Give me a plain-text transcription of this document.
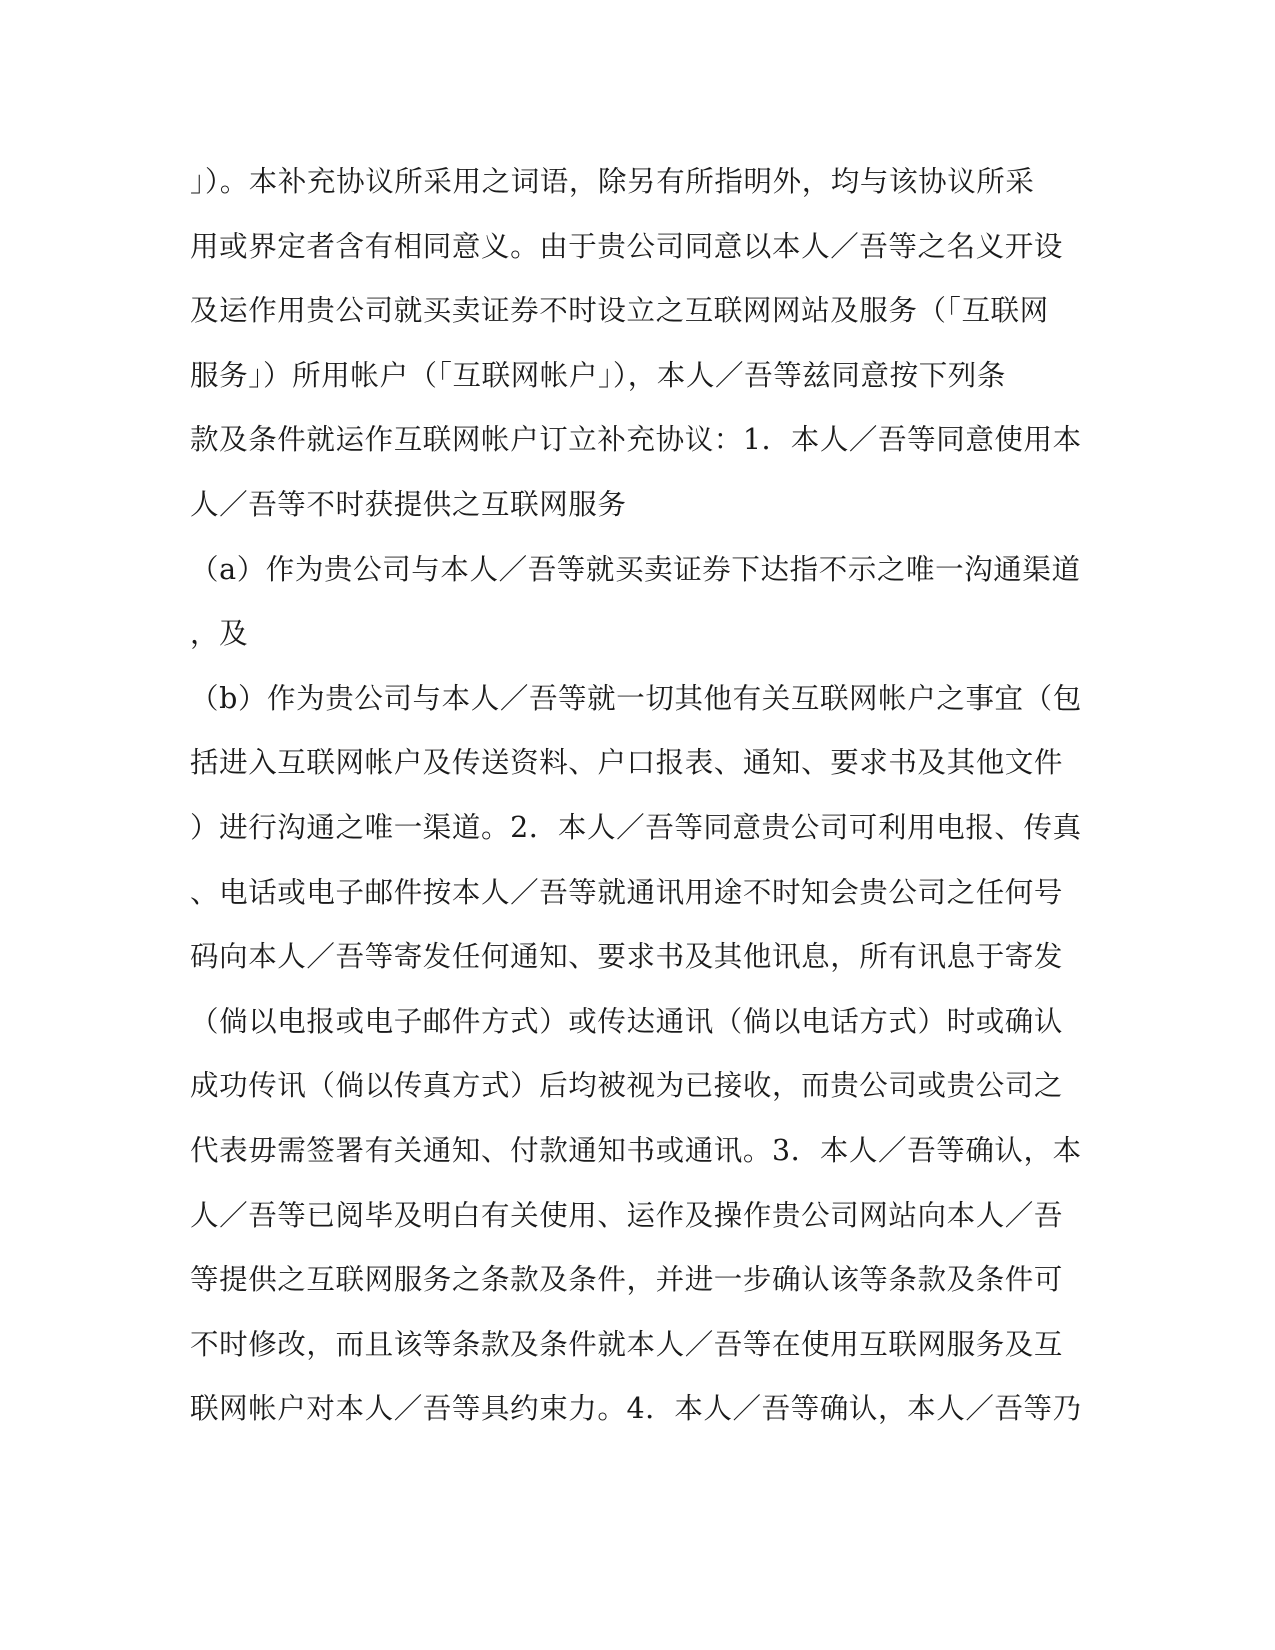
」）。本补充协议所采用之词语，除另有所指明外，均与该协议所采
用或界定者含有相同意义。由于贵公司同意以本人／吾等之名义开设
及运作用贵公司就买卖证券不时设立之互联网网站及服务（「互联网
服务」）所用帐户（「互联网帐户」），本人／吾等兹同意按下列条
款及条件就运作互联网帐户订立补充协议：1．本人／吾等同意使用本
人／吾等不时获提供之互联网服务
（a）作为贵公司与本人／吾等就买卖证券下达指不示之唯一沟通渠道
，及
（b）作为贵公司与本人／吾等就一切其他有关互联网帐户之事宜（包
括进入互联网帐户及传送资料、户口报表、通知、要求书及其他文件
）进行沟通之唯一渠道。2．本人／吾等同意贵公司可利用电报、传真
、电话或电子邮件按本人／吾等就通讯用途不时知会贵公司之任何号
码向本人／吾等寄发任何通知、要求书及其他讯息，所有讯息于寄发
（倘以电报或电子邮件方式）或传达通讯（倘以电话方式）时或确认
成功传讯（倘以传真方式）后均被视为已接收，而贵公司或贵公司之
代表毋需签署有关通知、付款通知书或通讯。3．本人／吾等确认，本
人／吾等已阅毕及明白有关使用、运作及操作贵公司网站向本人／吾
等提供之互联网服务之条款及条件，并进一步确认该等条款及条件可
不时修改，而且该等条款及条件就本人／吾等在使用互联网服务及互
联网帐户对本人／吾等具约束力。4．本人／吾等确认，本人／吾等乃
